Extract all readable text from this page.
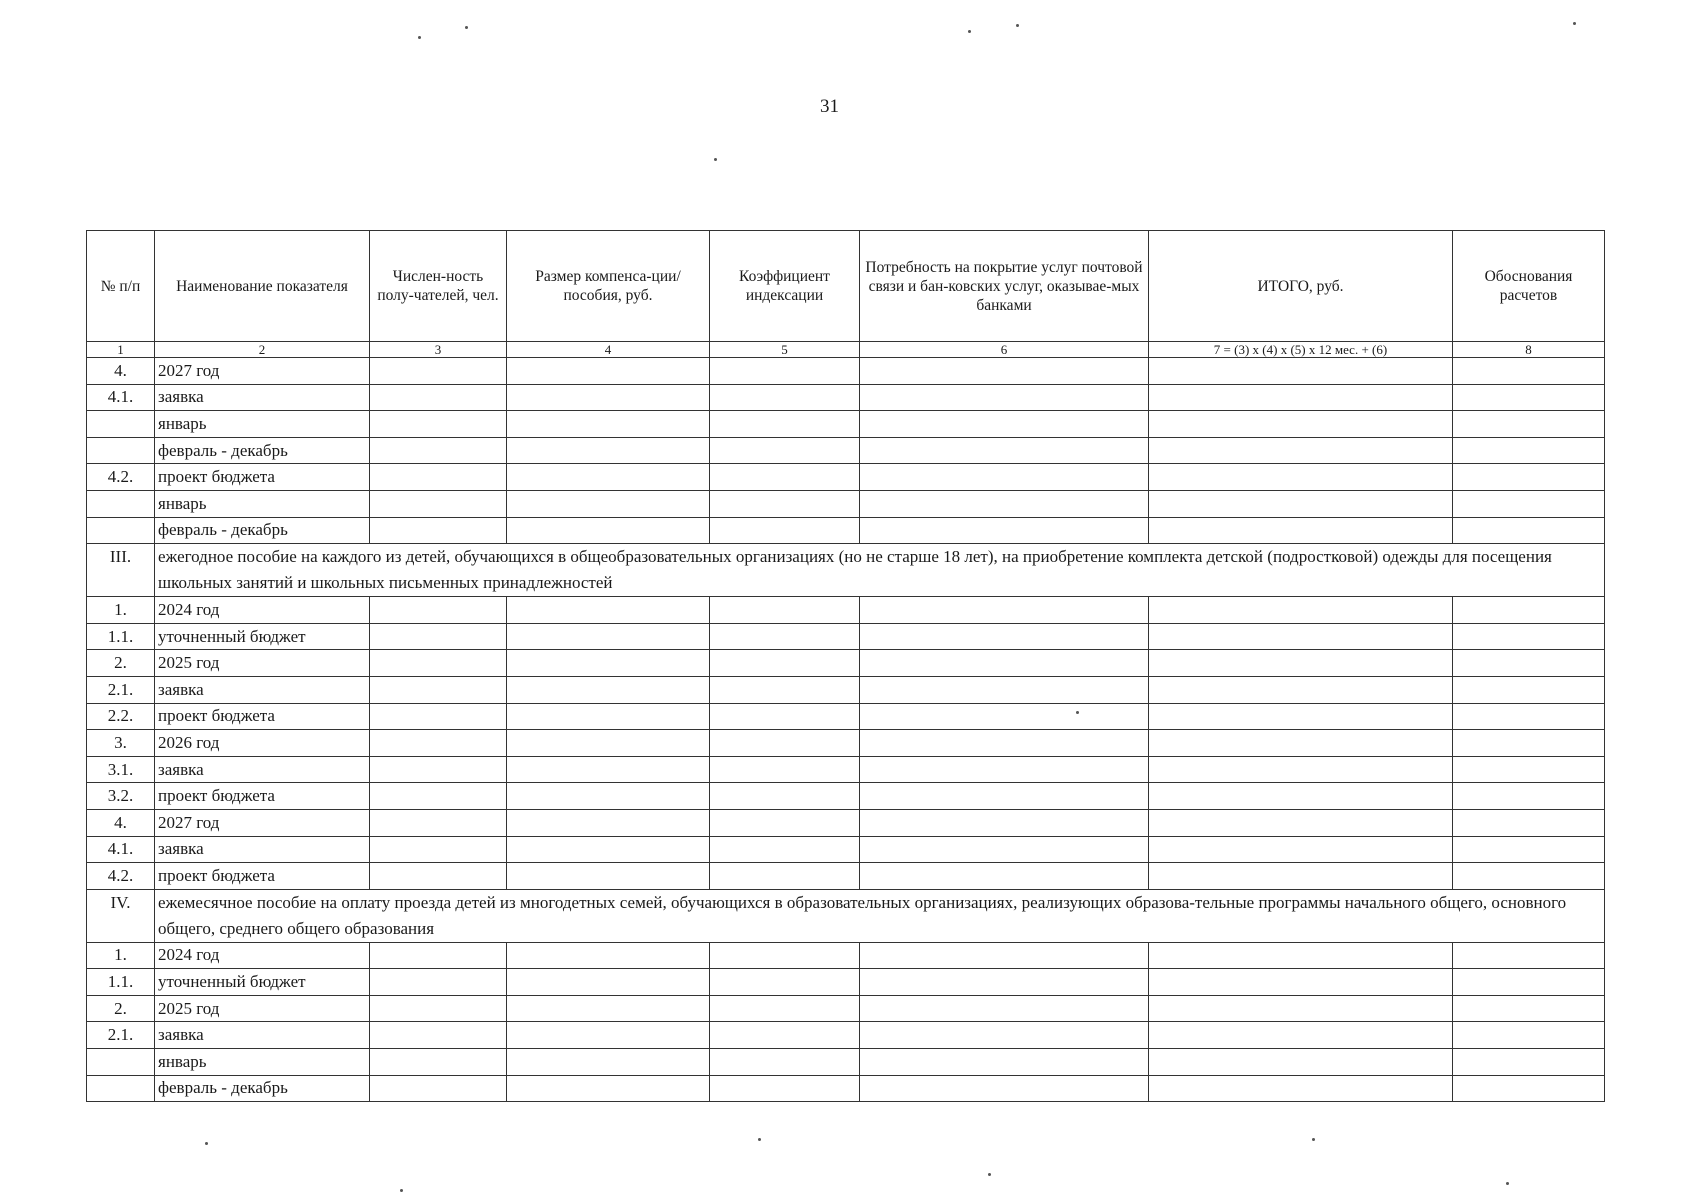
31
№ п/п	Наименование показателя	Числен-ность полу-чателей, чел.	Размер компенса-ции/пособия, руб.	Коэффициент индексации	Потребность на покрытие услуг почтовой связи и бан-ковских услуг, оказывае-мых банками	ИТОГО, руб.	Обоснования расчетов
1	2	3	4	5	6	7 = (3) x (4) x (5) x 12 мес. + (6)	8
4.	2027 год						
4.1.	заявка						
	январь						
	февраль - декабрь						
4.2.	проект бюджета						
	январь						
	февраль - декабрь						
III.	ежегодное пособие на каждого из детей, обучающихся в общеобразовательных организациях (но не старше 18 лет), на приобретение комплекта детской (подростковой) одежды для посещения школьных занятий и школьных письменных принадлежностей						
1.	2024 год						
1.1.	уточненный бюджет						
2.	2025 год						
2.1.	заявка						
2.2.	проект бюджета						
3.	2026 год						
3.1.	заявка						
3.2.	проект бюджета						
4.	2027 год						
4.1.	заявка						
4.2.	проект бюджета						
IV.	ежемесячное пособие на оплату проезда детей из многодетных семей, обучающихся в образовательных организациях, реализующих образова-тельные программы начального общего, основного общего, среднего общего образования						
1.	2024 год						
1.1.	уточненный бюджет						
2.	2025 год						
2.1.	заявка						
	январь						
	февраль - декабрь						
